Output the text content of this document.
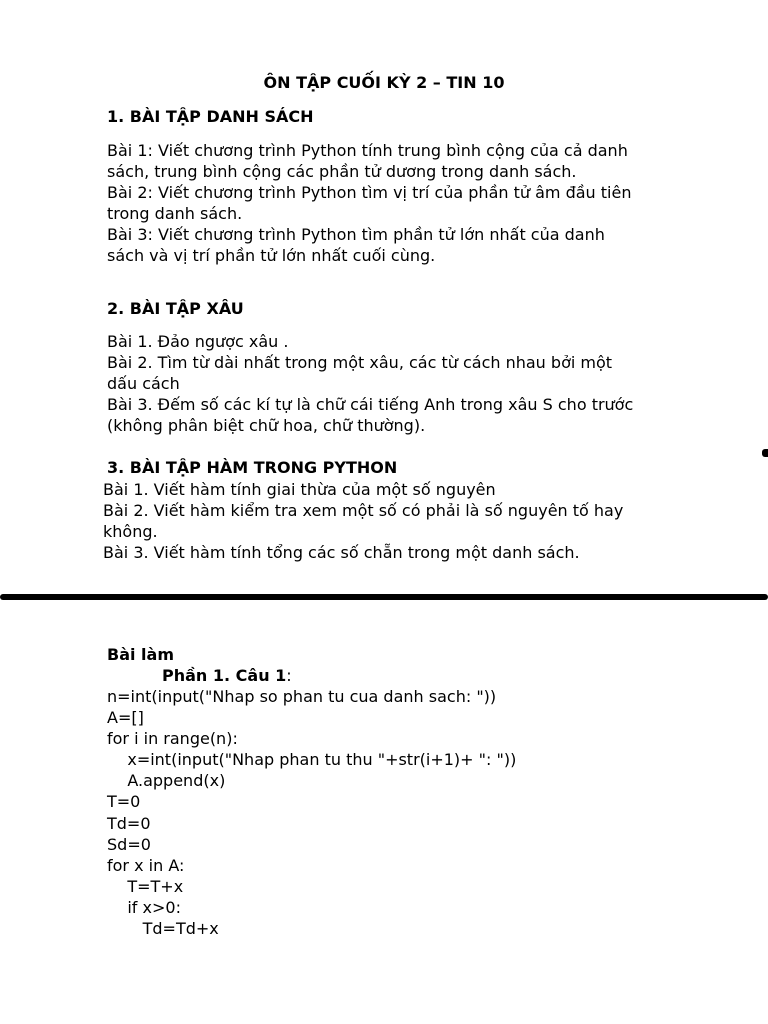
ÔN TẬP CUỐI KỲ 2 – TIN 10
1. BÀI TẬP DANH SÁCH
Bài 1: Viết chương trình Python tính trung bình cộng của cả danh
sách, trung bình cộng các phần tử dương trong danh sách.
Bài 2: Viết chương trình Python tìm vị trí của phần tử âm đầu tiên
trong danh sách.
Bài 3: Viết chương trình Python tìm phần tử lớn nhất của danh
sách và vị trí phần tử lớn nhất cuối cùng.
2. BÀI TẬP XÂU
Bài 1. Đảo ngược xâu .
Bài 2. Tìm từ dài nhất trong một xâu, các từ cách nhau bởi một
dấu cách
Bài 3. Đếm số các kí tự là chữ cái tiếng Anh trong xâu S cho trước
(không phân biệt chữ hoa, chữ thường).
3. BÀI TẬP HÀM TRONG PYTHON
Bài 1. Viết hàm tính giai thừa của một số nguyên
Bài 2. Viết hàm kiểm tra xem một số có phải là số nguyên tố hay
không.
Bài 3. Viết hàm tính tổng các số chẵn trong một danh sách.
Bài làm
Phần 1. Câu 1:
n=int(input("Nhap so phan tu cua danh sach: "))
A=[]
for i in range(n):
x=int(input("Nhap phan tu thu "+str(i+1)+ ": "))
A.append(x)
T=0
Td=0
Sd=0
for x in A:
T=T+x
if x>0:
Td=Td+x
